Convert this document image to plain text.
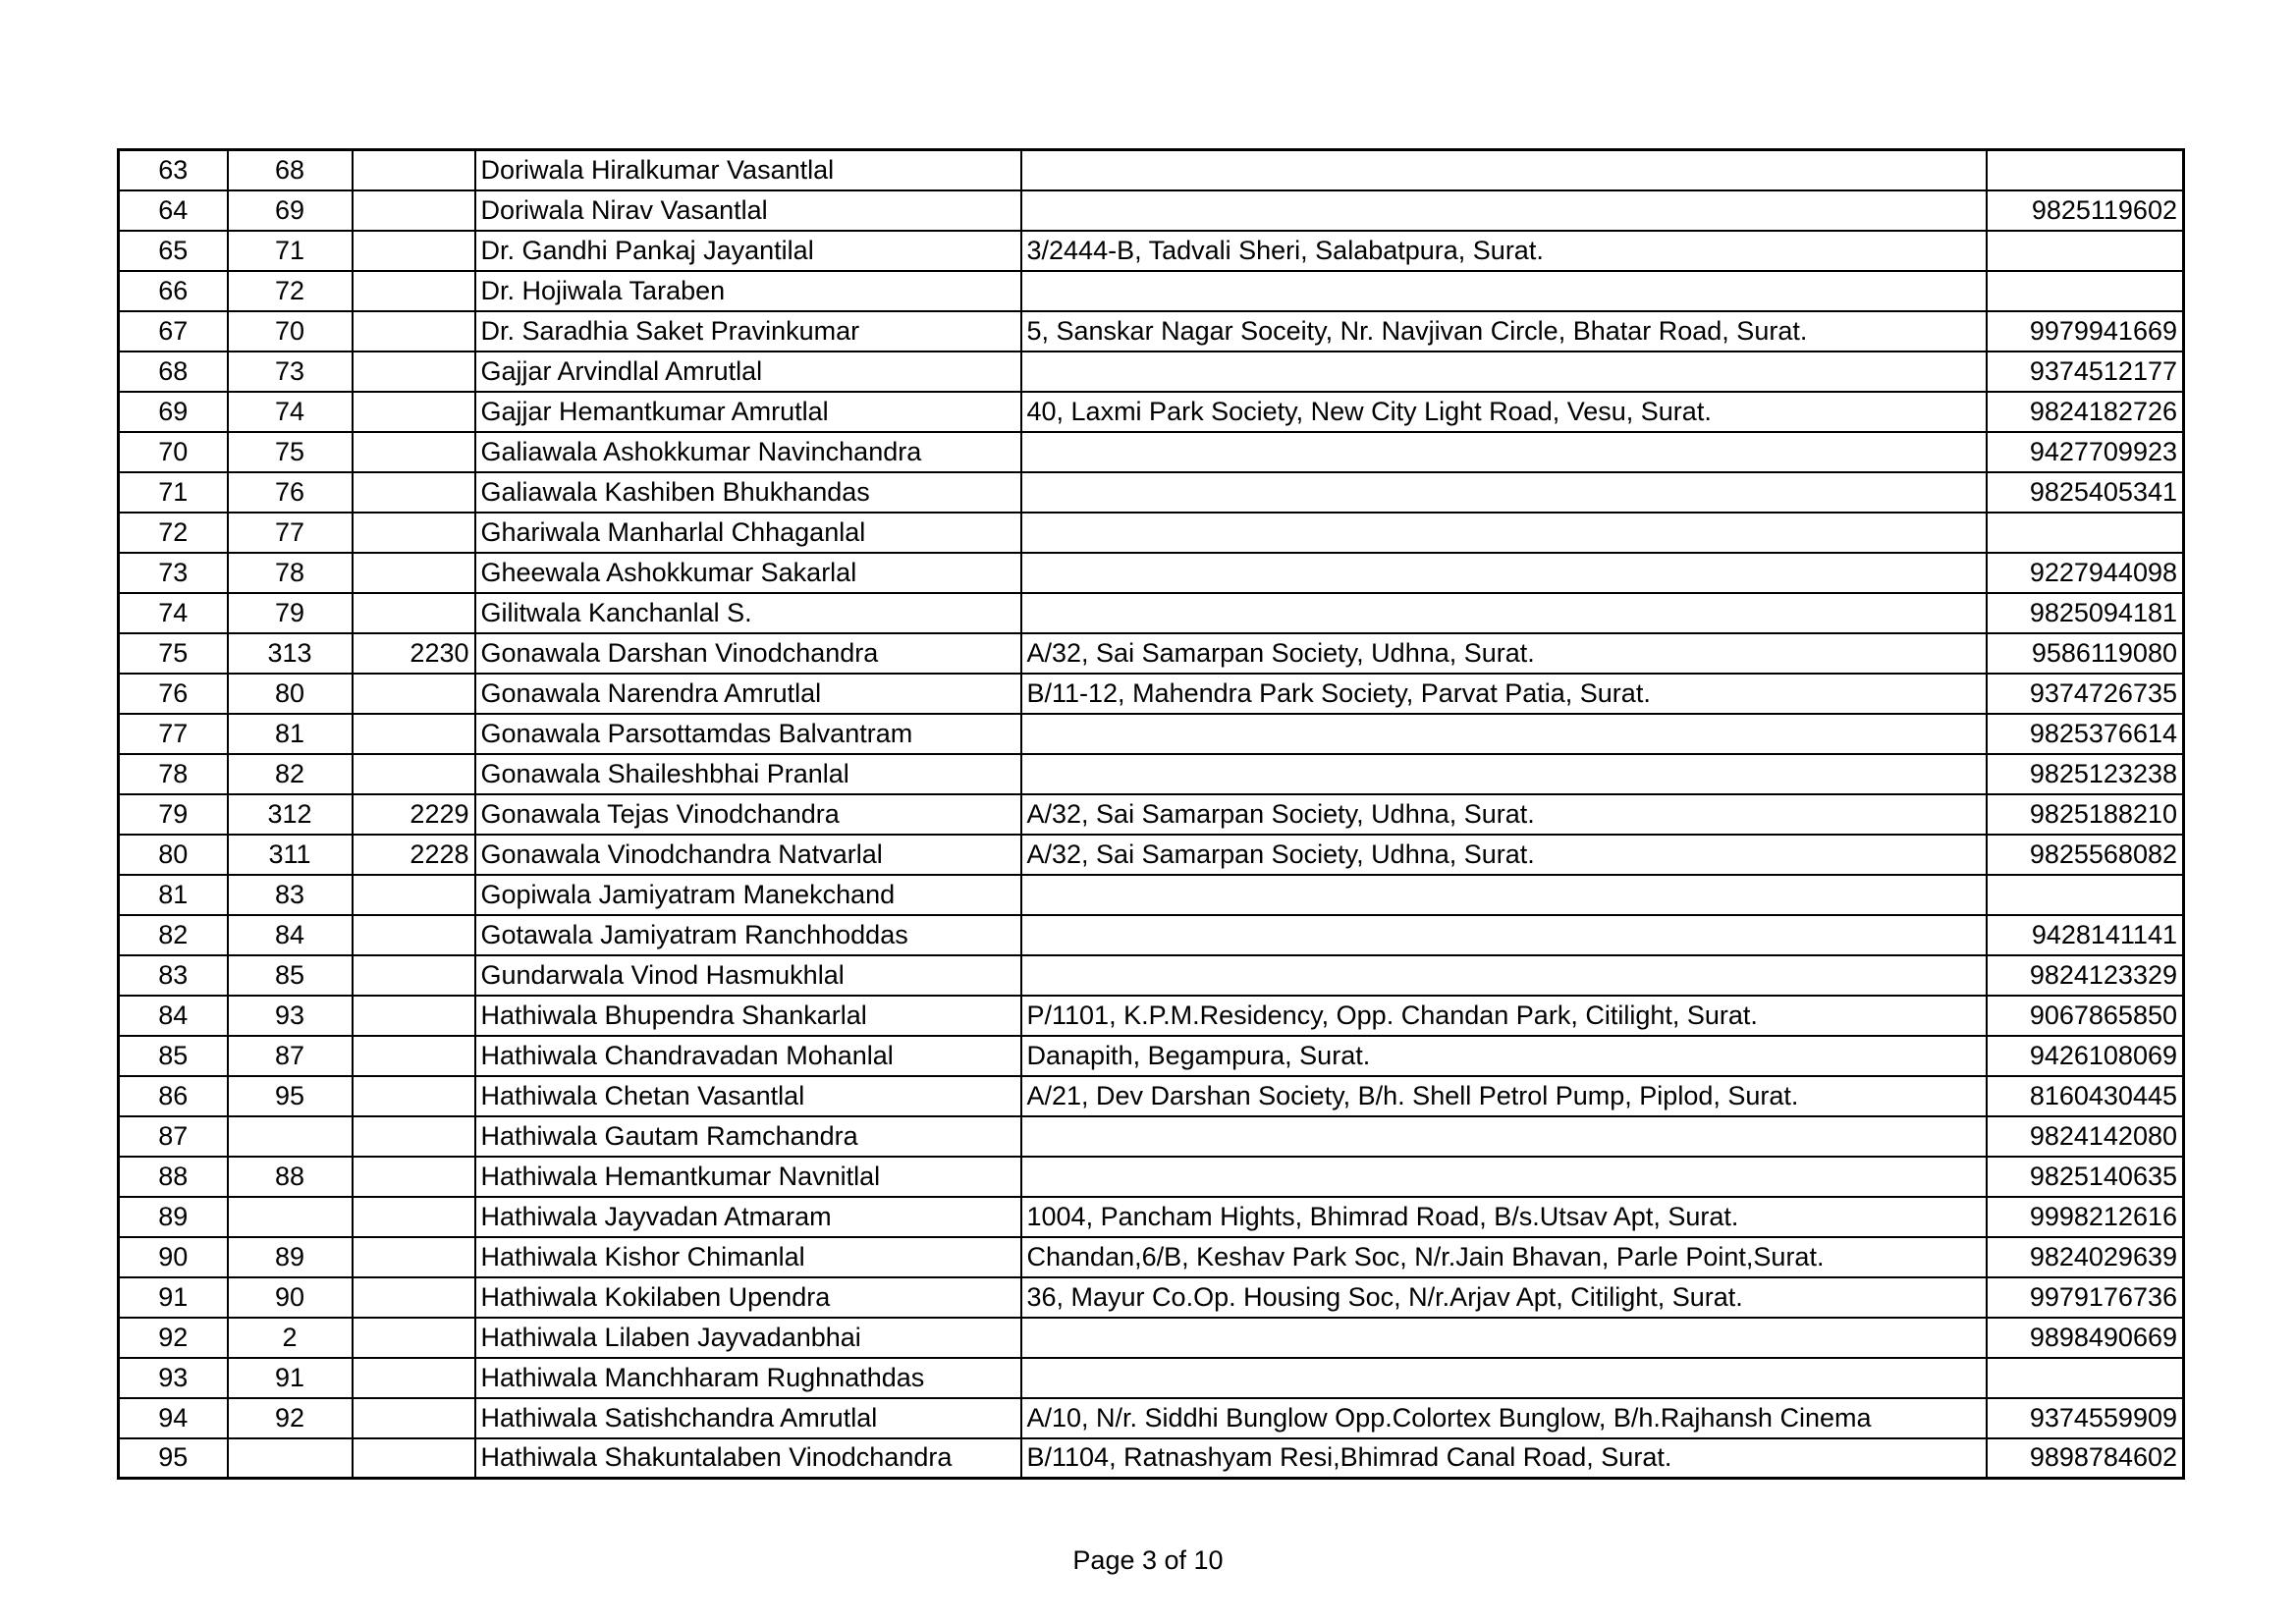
63	68		Doriwala Hiralkumar Vasantlal		
64	69		Doriwala Nirav Vasantlal		9825119602
65	71		Dr. Gandhi Pankaj Jayantilal	3/2444-B, Tadvali Sheri, Salabatpura, Surat.	
66	72		Dr. Hojiwala Taraben		
67	70		Dr. Saradhia Saket Pravinkumar	5, Sanskar Nagar Soceity, Nr. Navjivan Circle, Bhatar Road, Surat.	9979941669
68	73		Gajjar Arvindlal Amrutlal		9374512177
69	74		Gajjar Hemantkumar Amrutlal	40, Laxmi Park Society, New City Light Road, Vesu, Surat.	9824182726
70	75		Galiawala Ashokkumar Navinchandra		9427709923
71	76		Galiawala Kashiben Bhukhandas		9825405341
72	77		Ghariwala Manharlal Chhaganlal		
73	78		Gheewala Ashokkumar Sakarlal		9227944098
74	79		Gilitwala Kanchanlal S.		9825094181
75	313	2230	Gonawala Darshan Vinodchandra	A/32, Sai Samarpan Society, Udhna, Surat.	9586119080
76	80		Gonawala Narendra Amrutlal	B/11-12, Mahendra Park Society, Parvat Patia, Surat.	9374726735
77	81		Gonawala Parsottamdas Balvantram		9825376614
78	82		Gonawala Shaileshbhai Pranlal		9825123238
79	312	2229	Gonawala Tejas Vinodchandra	A/32, Sai Samarpan Society, Udhna, Surat.	9825188210
80	311	2228	Gonawala Vinodchandra Natvarlal	A/32, Sai Samarpan Society, Udhna, Surat.	9825568082
81	83		Gopiwala Jamiyatram Manekchand		
82	84		Gotawala Jamiyatram Ranchhoddas		9428141141
83	85		Gundarwala Vinod Hasmukhlal		9824123329
84	93		Hathiwala Bhupendra Shankarlal	P/1101, K.P.M.Residency, Opp. Chandan Park, Citilight, Surat.	9067865850
85	87		Hathiwala Chandravadan Mohanlal	Danapith, Begampura, Surat.	9426108069
86	95		Hathiwala Chetan Vasantlal	A/21, Dev Darshan Society, B/h. Shell Petrol Pump, Piplod, Surat.	8160430445
87			Hathiwala Gautam Ramchandra		9824142080
88	88		Hathiwala Hemantkumar Navnitlal		9825140635
89			Hathiwala Jayvadan Atmaram	1004, Pancham Hights, Bhimrad Road, B/s.Utsav Apt, Surat.	9998212616
90	89		Hathiwala Kishor Chimanlal	Chandan,6/B, Keshav Park Soc, N/r.Jain Bhavan, Parle Point,Surat.	9824029639
91	90		Hathiwala Kokilaben Upendra	36, Mayur Co.Op. Housing Soc, N/r.Arjav Apt, Citilight, Surat.	9979176736
92	2		Hathiwala Lilaben Jayvadanbhai		9898490669
93	91		Hathiwala Manchharam Rughnathdas		
94	92		Hathiwala Satishchandra Amrutlal	A/10, N/r. Siddhi Bunglow Opp.Colortex Bunglow, B/h.Rajhansh Cinema	9374559909
95			Hathiwala Shakuntalaben Vinodchandra	B/1104, Ratnashyam Resi,Bhimrad Canal Road, Surat.	9898784602
Page 3 of 10
